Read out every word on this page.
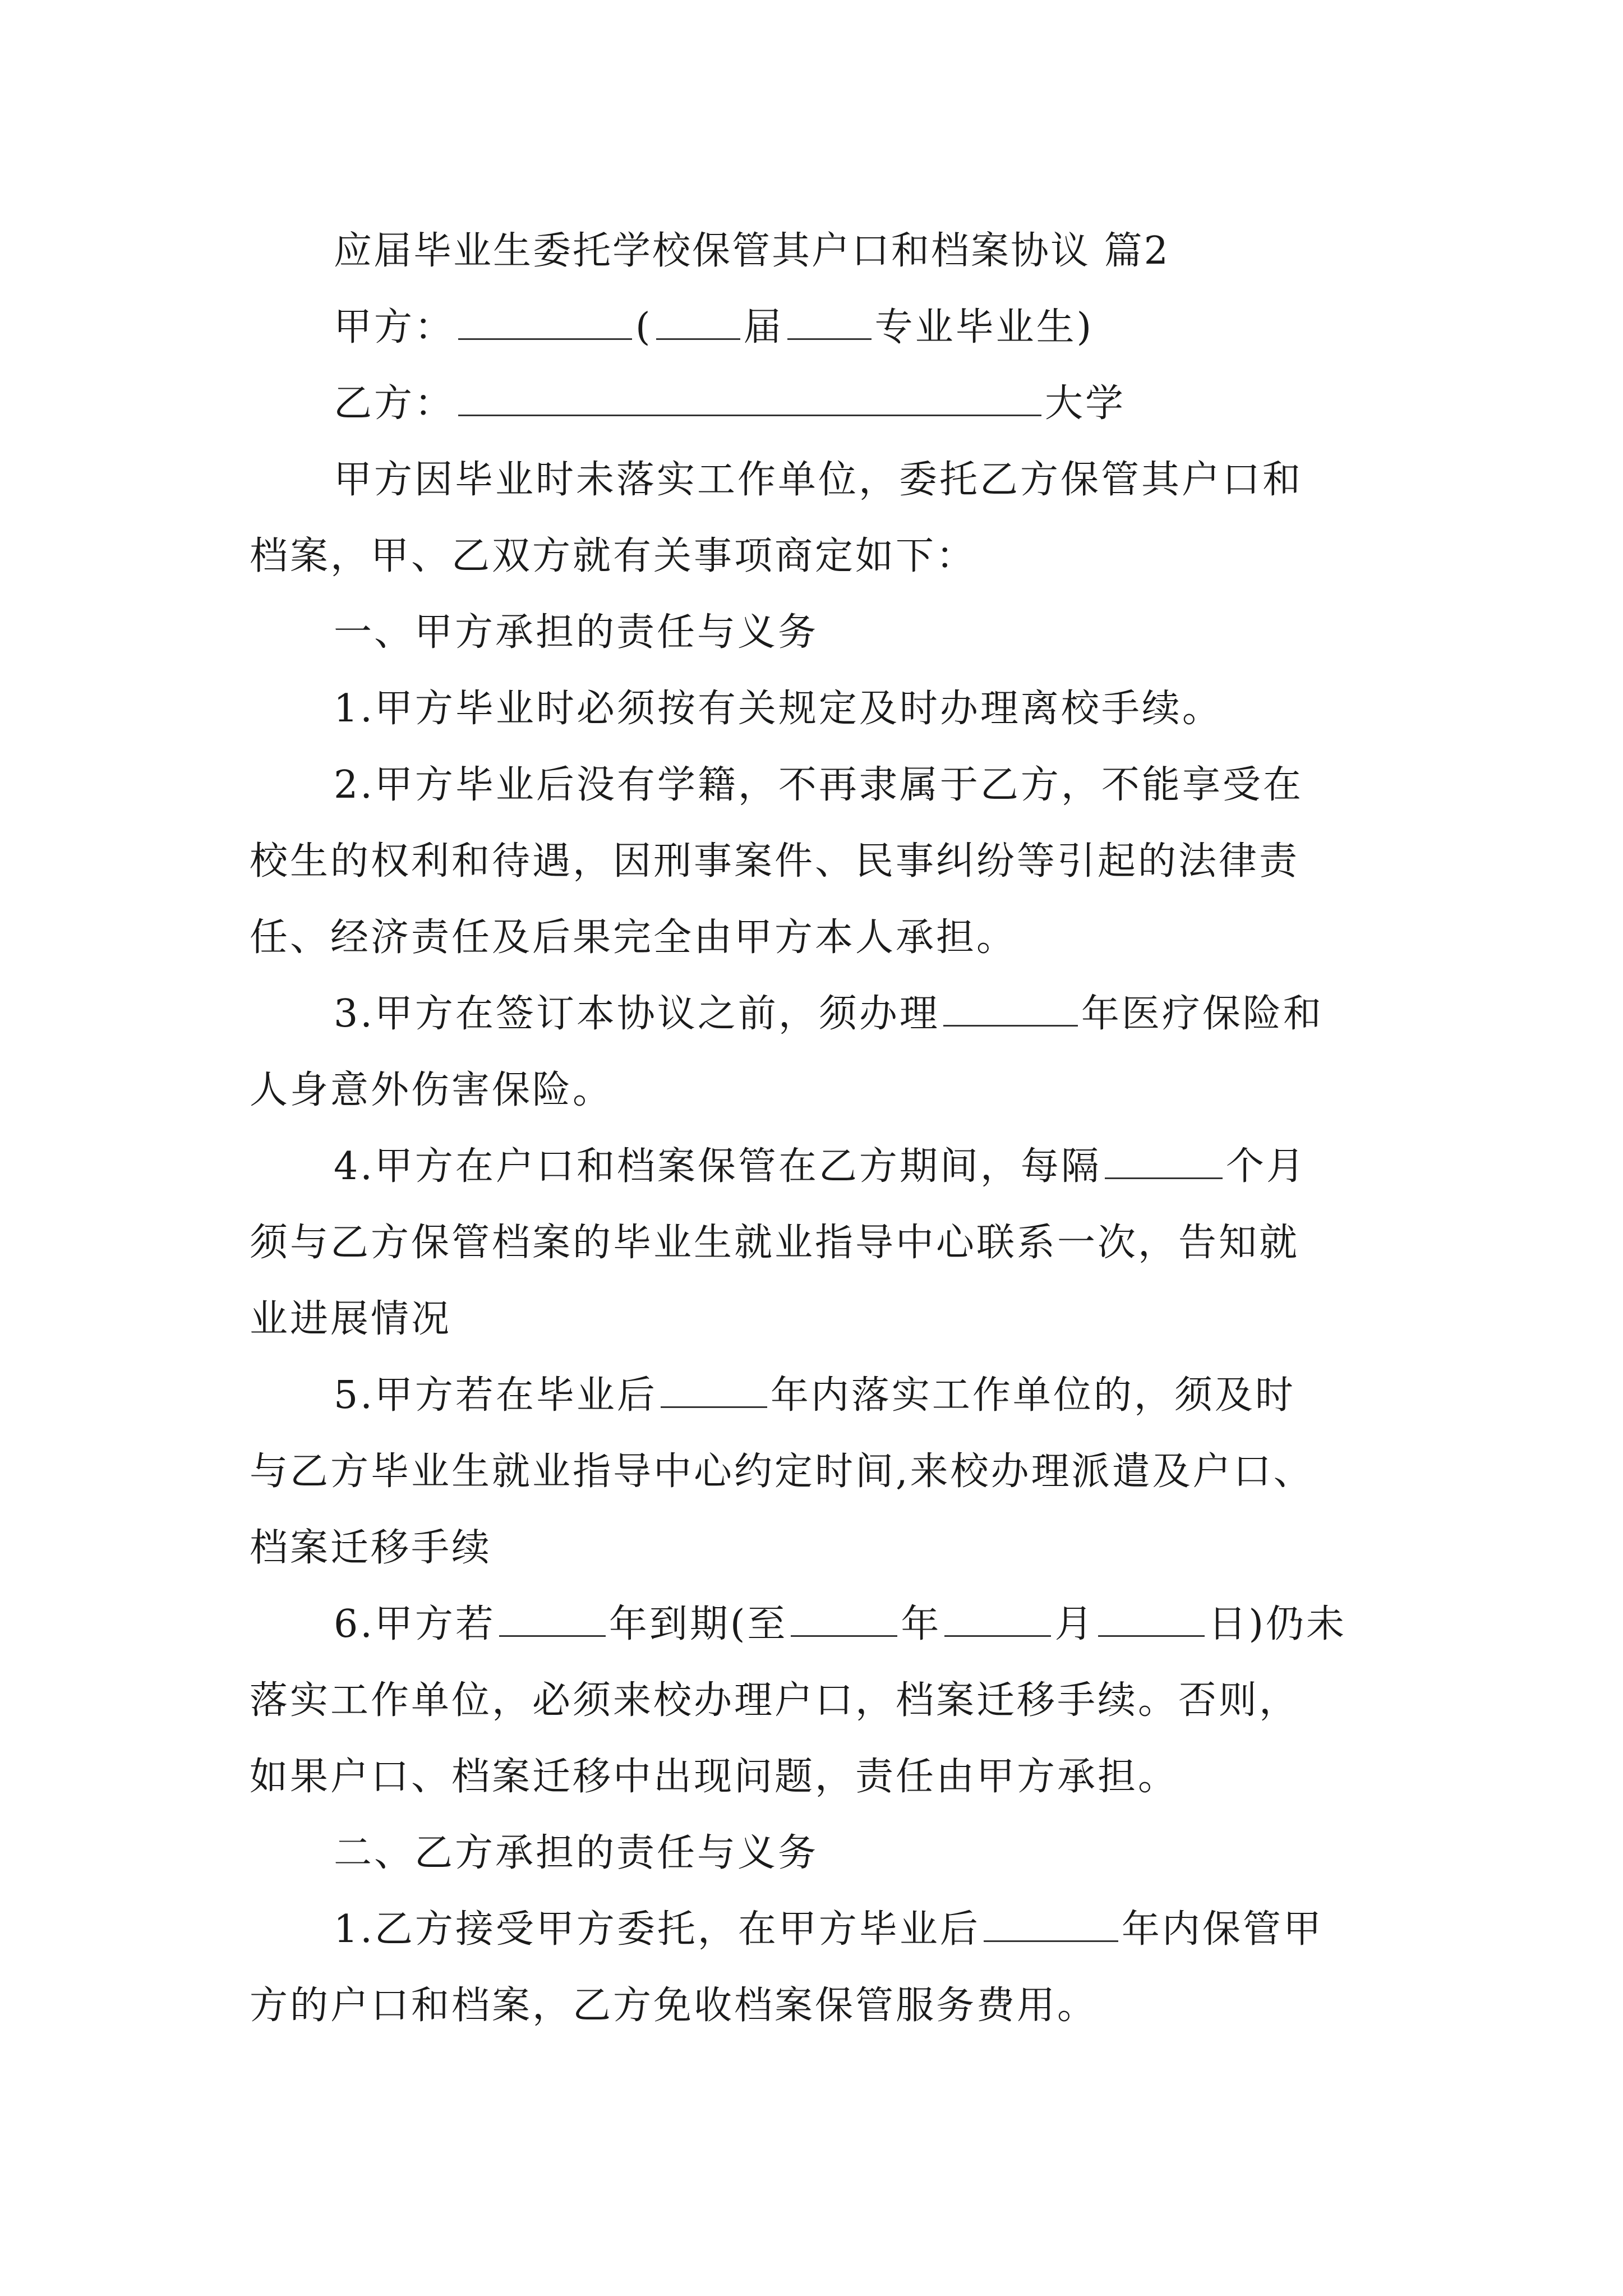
应届毕业生委托学校保管其户口和档案协议 篇2

甲方：	( 届 专业毕业生)

乙方：	大学

甲方因毕业时未落实工作单位，委托乙方保管其户口和

档案，甲、乙双方就有关事项商定如下：

一、甲方承担的责任与义务

1.甲方毕业时必须按有关规定及时办理离校手续。

2.甲方毕业后没有学籍，不再隶属于乙方，不能享受在

校生的权利和待遇，因刑事案件、民事纠纷等引起的法律责

任、经济责任及后果完全由甲方本人承担。

3.甲方在签订本协议之前，须办理	年医疗保险和

人身意外伤害保险。

4.甲方在户口和档案保管在乙方期间，每隔	个月

须与乙方保管档案的毕业生就业指导中心联系一次，告知就

业进展情况

5.甲方若在毕业后	年内落实工作单位的，须及时

与乙方毕业生就业指导中心约定时间,来校办理派遣及户口、

档案迁移手续

6.甲方若	年到期(至	年	月	日)仍未

落实工作单位，必须来校办理户口，档案迁移手续。否则，

如果户口、档案迁移中出现问题，责任由甲方承担。

二、乙方承担的责任与义务

1.乙方接受甲方委托，在甲方毕业后	年内保管甲

方的户口和档案，乙方免收档案保管服务费用。
